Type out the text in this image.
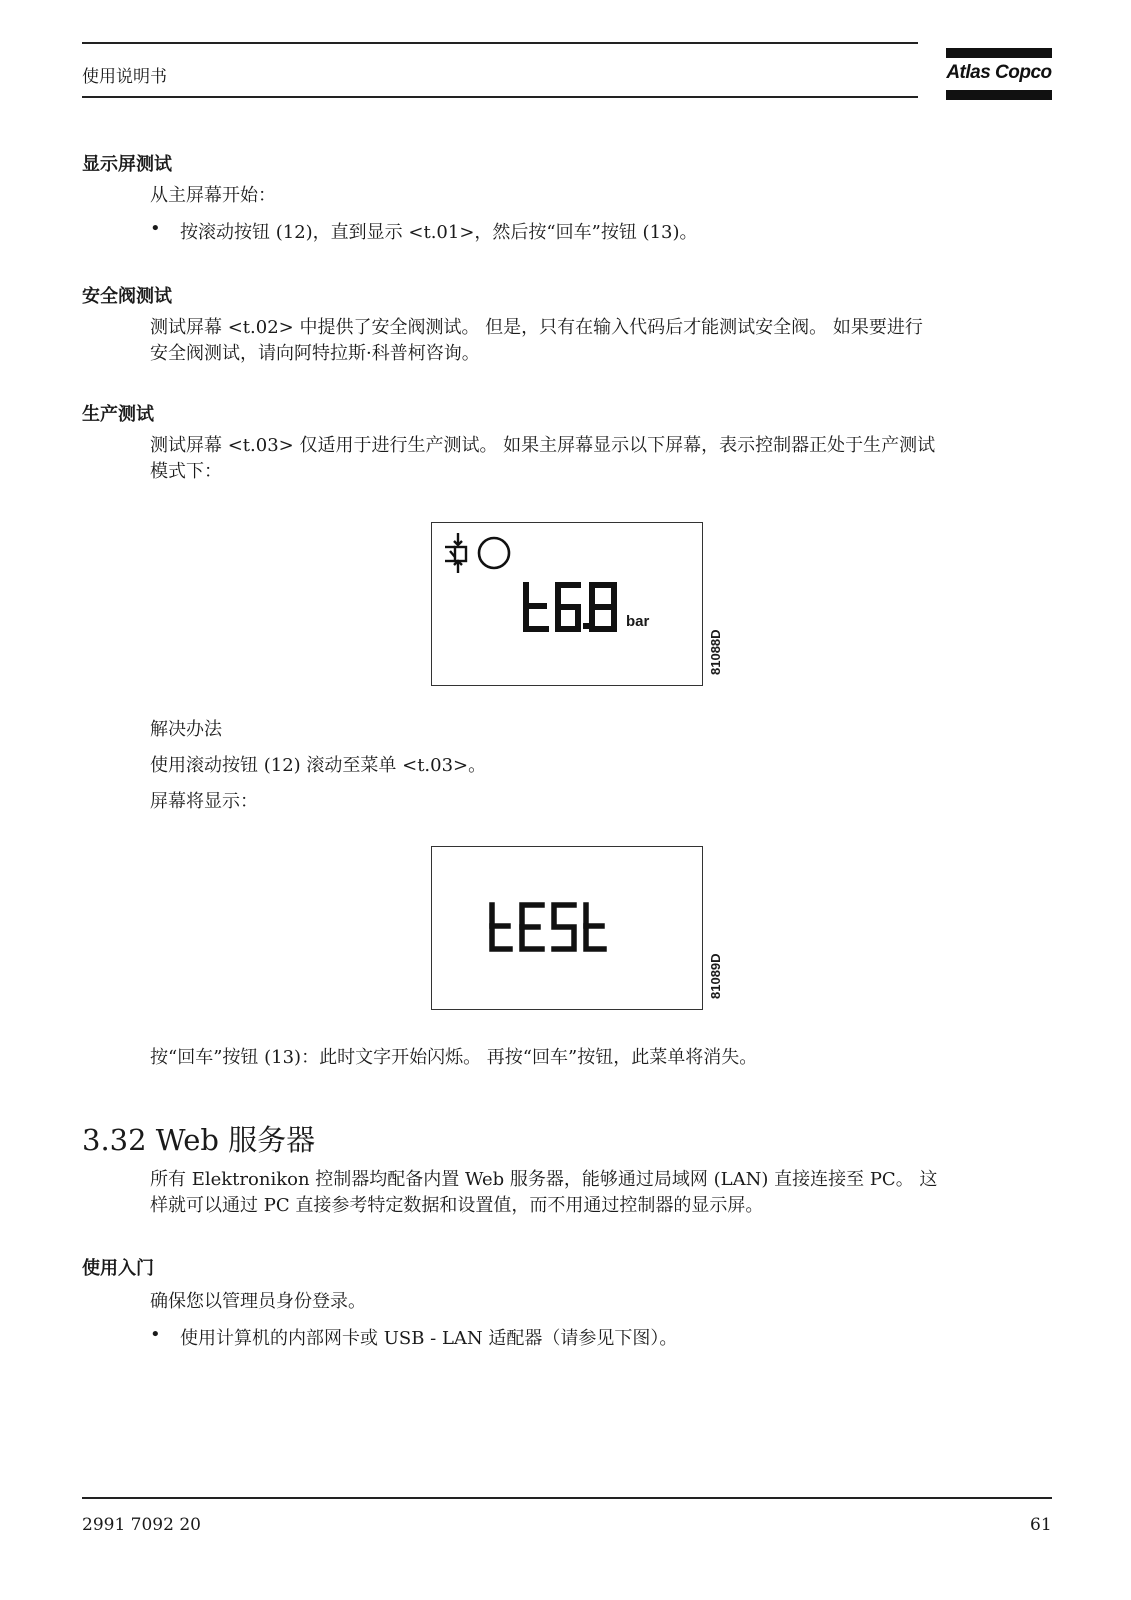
使用说明书	Atlas Copco
显示屏测试
从主屏幕开始：
• 按滚动按钮 (12)，直到显示 <t.01>，然后按“回车”按钮 (13)。
安全阀测试
测试屏幕 <t.02> 中提供了安全阀测试。 但是，只有在输入代码后才能测试安全阀。 如果要进行
安全阀测试，请向阿特拉斯·科普柯咨询。
生产测试
测试屏幕 <t.03> 仅适用于进行生产测试。 如果主屏幕显示以下屏幕，表示控制器正处于生产测试
模式下：
bar
81088D
解决办法
使用滚动按钮 (12) 滚动至菜单 <t.03>。
屏幕将显示：
81089D
按“回车”按钮 (13)：此时文字开始闪烁。 再按“回车”按钮，此菜单将消失。
3.32 Web 服务器
所有 Elektronikon 控制器均配备内置 Web 服务器，能够通过局域网 (LAN) 直接连接至 PC。 这
样就可以通过 PC 直接参考特定数据和设置值，而不用通过控制器的显示屏。
使用入门
确保您以管理员身份登录。
• 使用计算机的内部网卡或 USB - LAN 适配器（请参见下图）。
2991 7092 20	61
